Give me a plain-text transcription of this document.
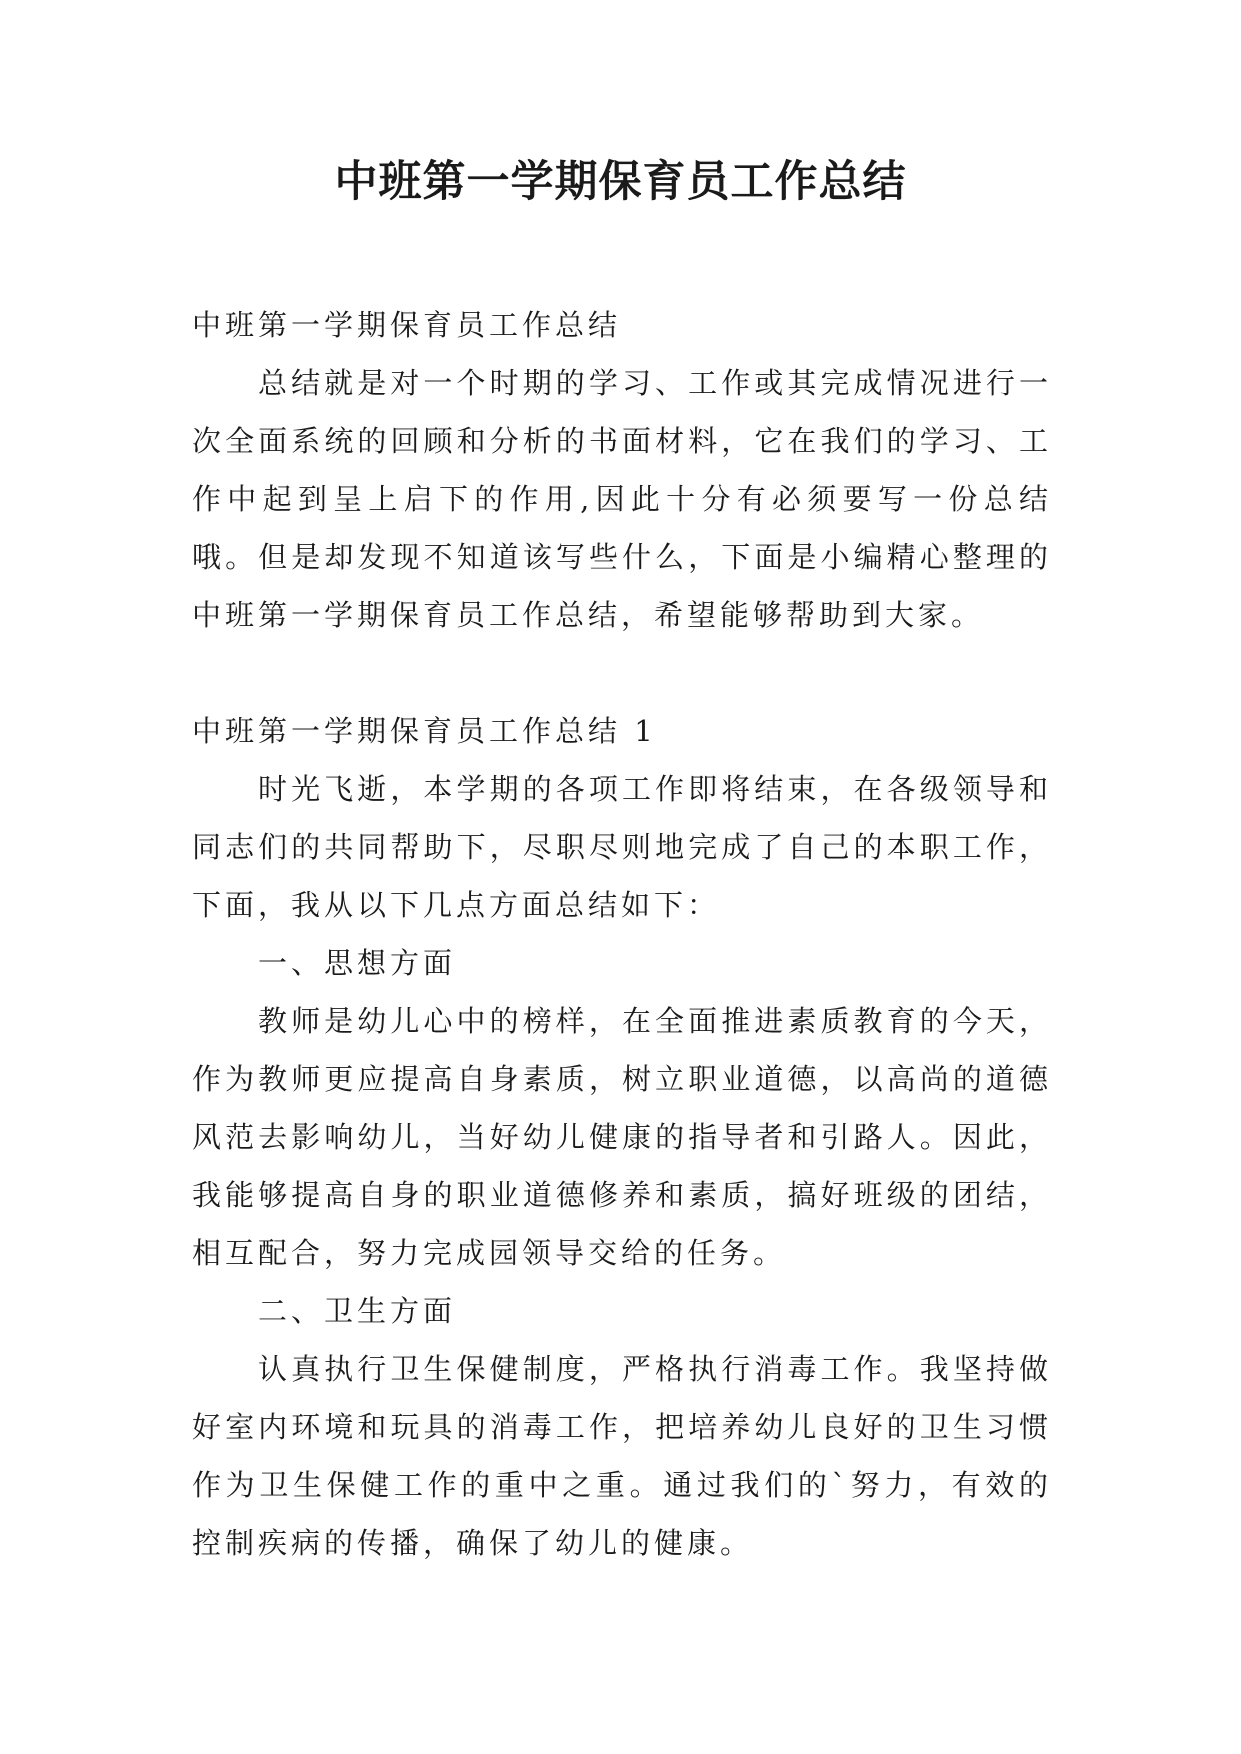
中班第一学期保育员工作总结

中班第一学期保育员工作总结

总结就是对一个时期的学习、工作或其完成情况进行一次全面系统的回顾和分析的书面材料，它在我们的学习、工作中起到呈上启下的作用,因此十分有必须要写一份总结哦。但是却发现不知道该写些什么，下面是小编精心整理的中班第一学期保育员工作总结，希望能够帮助到大家。

中班第一学期保育员工作总结 1

时光飞逝，本学期的各项工作即将结束，在各级领导和同志们的共同帮助下，尽职尽则地完成了自己的本职工作，下面，我从以下几点方面总结如下：

一、思想方面

教师是幼儿心中的榜样，在全面推进素质教育的今天，作为教师更应提高自身素质，树立职业道德，以高尚的道德风范去影响幼儿，当好幼儿健康的指导者和引路人。因此，我能够提高自身的职业道德修养和素质，搞好班级的团结，相互配合，努力完成园领导交给的任务。

二、卫生方面

认真执行卫生保健制度，严格执行消毒工作。我坚持做好室内环境和玩具的消毒工作，把培养幼儿良好的卫生习惯作为卫生保健工作的重中之重。通过我们的`努力，有效的控制疾病的传播，确保了幼儿的健康。
